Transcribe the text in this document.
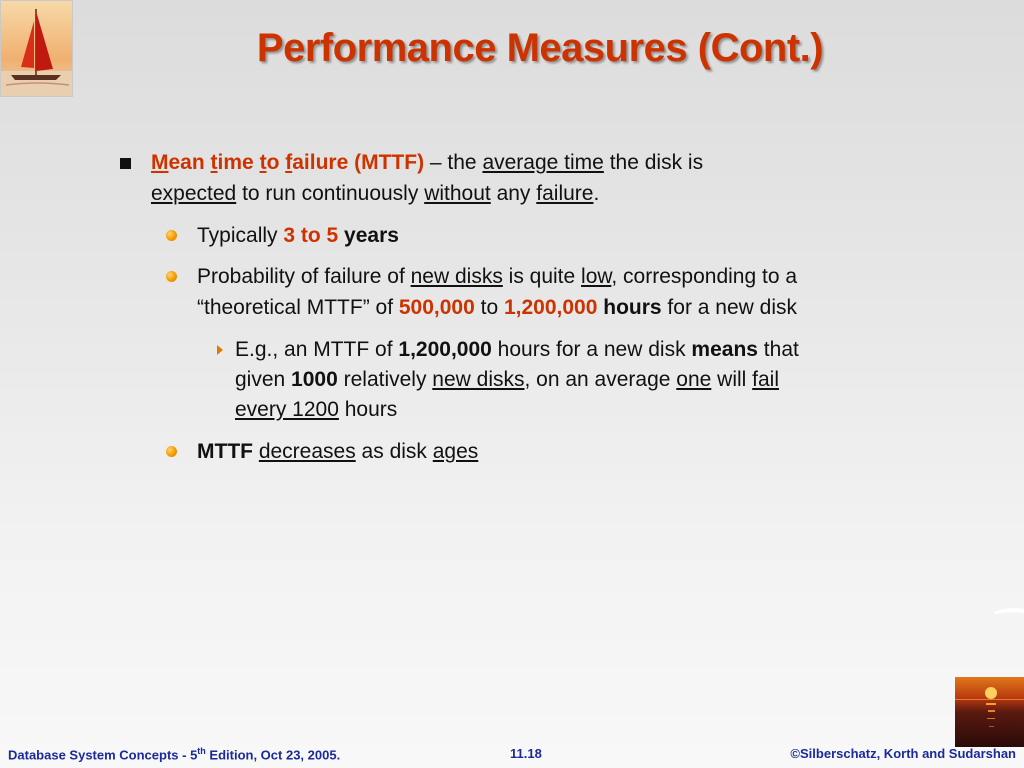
Performance Measures (Cont.)
Mean time to failure (MTTF) – the average time the disk is
expected to run continuously without any failure.
Typically 3 to 5 years
Probability of failure of new disks is quite low, corresponding to a
“theoretical MTTF” of 500,000 to 1,200,000 hours for a new disk
E.g., an MTTF of 1,200,000 hours for a new disk means that
given 1000 relatively new disks, on an average one will fail
every 1200 hours
MTTF decreases as disk ages
Database System Concepts - 5th Edition, Oct 23, 2005.	11.18	©Silberschatz, Korth and Sudarshan
